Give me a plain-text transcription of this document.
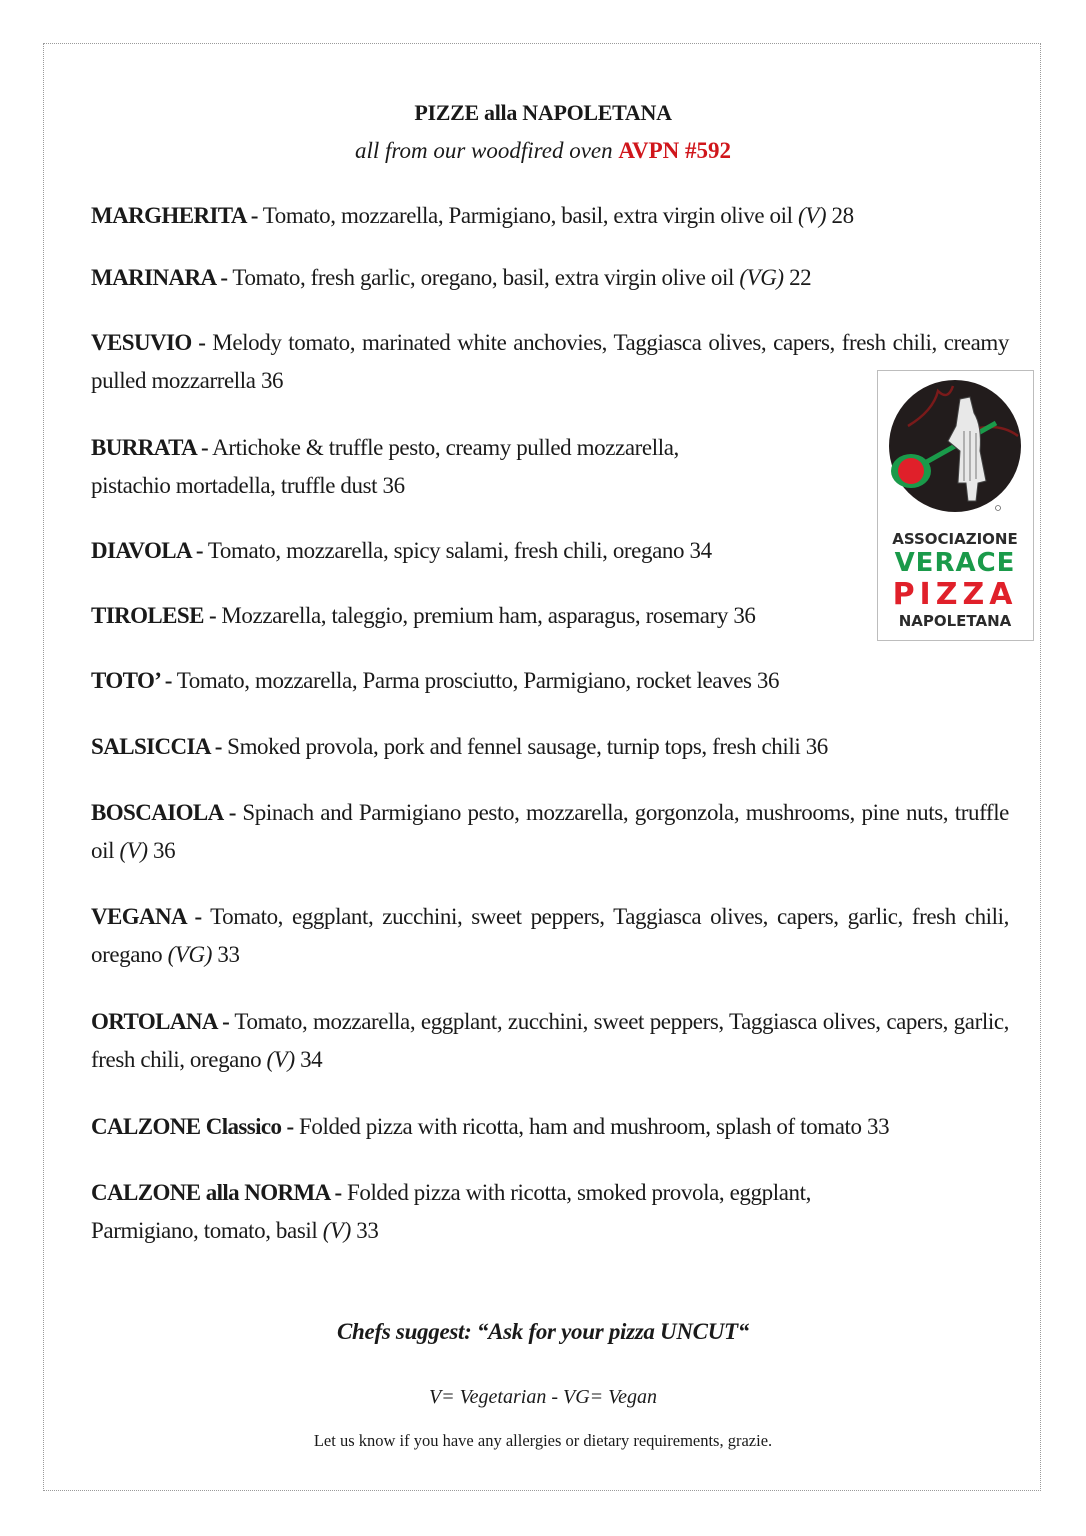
PIZZE alla NAPOLETANA
all from our woodfired oven AVPN #592
MARGHERITA - Tomato, mozzarella, Parmigiano, basil, extra virgin olive oil (V) 28
MARINARA - Tomato, fresh garlic, oregano, basil, extra virgin olive oil (VG) 22
VESUVIO - Melody tomato, marinated white anchovies, Taggiasca olives, capers, fresh chili, creamy pulled mozzarrella 36
BURRATA - Artichoke & truffle pesto, creamy pulled mozzarella,
pistachio mortadella, truffle dust 36
DIAVOLA - Tomato, mozzarella, spicy salami, fresh chili, oregano 34
TIROLESE - Mozzarella, taleggio, premium ham, asparagus, rosemary 36
TOTO’ - Tomato, mozzarella, Parma prosciutto, Parmigiano, rocket leaves 36
SALSICCIA - Smoked provola, pork and fennel sausage, turnip tops, fresh chili 36
BOSCAIOLA - Spinach and Parmigiano pesto, mozzarella, gorgonzola, mushrooms, pine nuts, truffle oil (V) 36
VEGANA - Tomato, eggplant, zucchini, sweet peppers, Taggiasca olives, capers, garlic, fresh chili, oregano (VG) 33
ORTOLANA - Tomato, mozzarella, eggplant, zucchini, sweet peppers, Taggiasca olives, capers, garlic, fresh chili, oregano (V) 34
CALZONE Classico - Folded pizza with ricotta, ham and mushroom, splash of tomato 33
CALZONE alla NORMA - Folded pizza with ricotta, smoked provola, eggplant,
Parmigiano, tomato, basil (V) 33
ASSOCIAZIONE
VERACE
PIZZA
NAPOLETANA
Chefs suggest: “Ask for your pizza UNCUT“
V= Vegetarian - VG= Vegan
Let us know if you have any allergies or dietary requirements, grazie.
